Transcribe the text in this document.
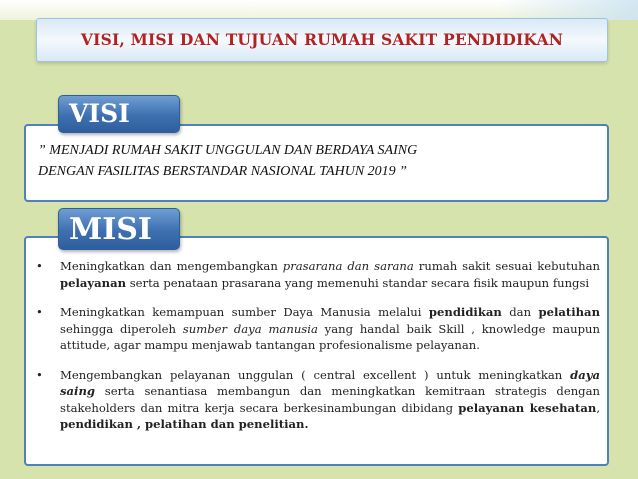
VISI, MISI DAN TUJUAN RUMAH SAKIT PENDIDIKAN
” MENJADI RUMAH SAKIT UNGGULAN DAN BERDAYA SAING
DENGAN FASILITAS BERSTANDAR NASIONAL TAHUN 2019 ”
VISI
• Meningkatkan dan mengembangkan prasarana dan sarana rumah sakit sesuai kebutuhan pelayanan serta penataan prasarana yang memenuhi standar secara fisik maupun fungsi
• Meningkatkan kemampuan sumber Daya Manusia melalui pendidikan dan pelatihan sehingga diperoleh sumber daya manusia yang handal baik Skill , knowledge maupun attitude, agar mampu menjawab tantangan profesionalisme pelayanan.
• Mengembangkan pelayanan unggulan ( central excellent ) untuk meningkatkan daya saing serta senantiasa membangun dan meningkatkan kemitraan strategis dengan stakeholders dan mitra kerja secara berkesinambungan dibidang pelayanan kesehatan, pendidikan , pelatihan dan penelitian.
MISI
